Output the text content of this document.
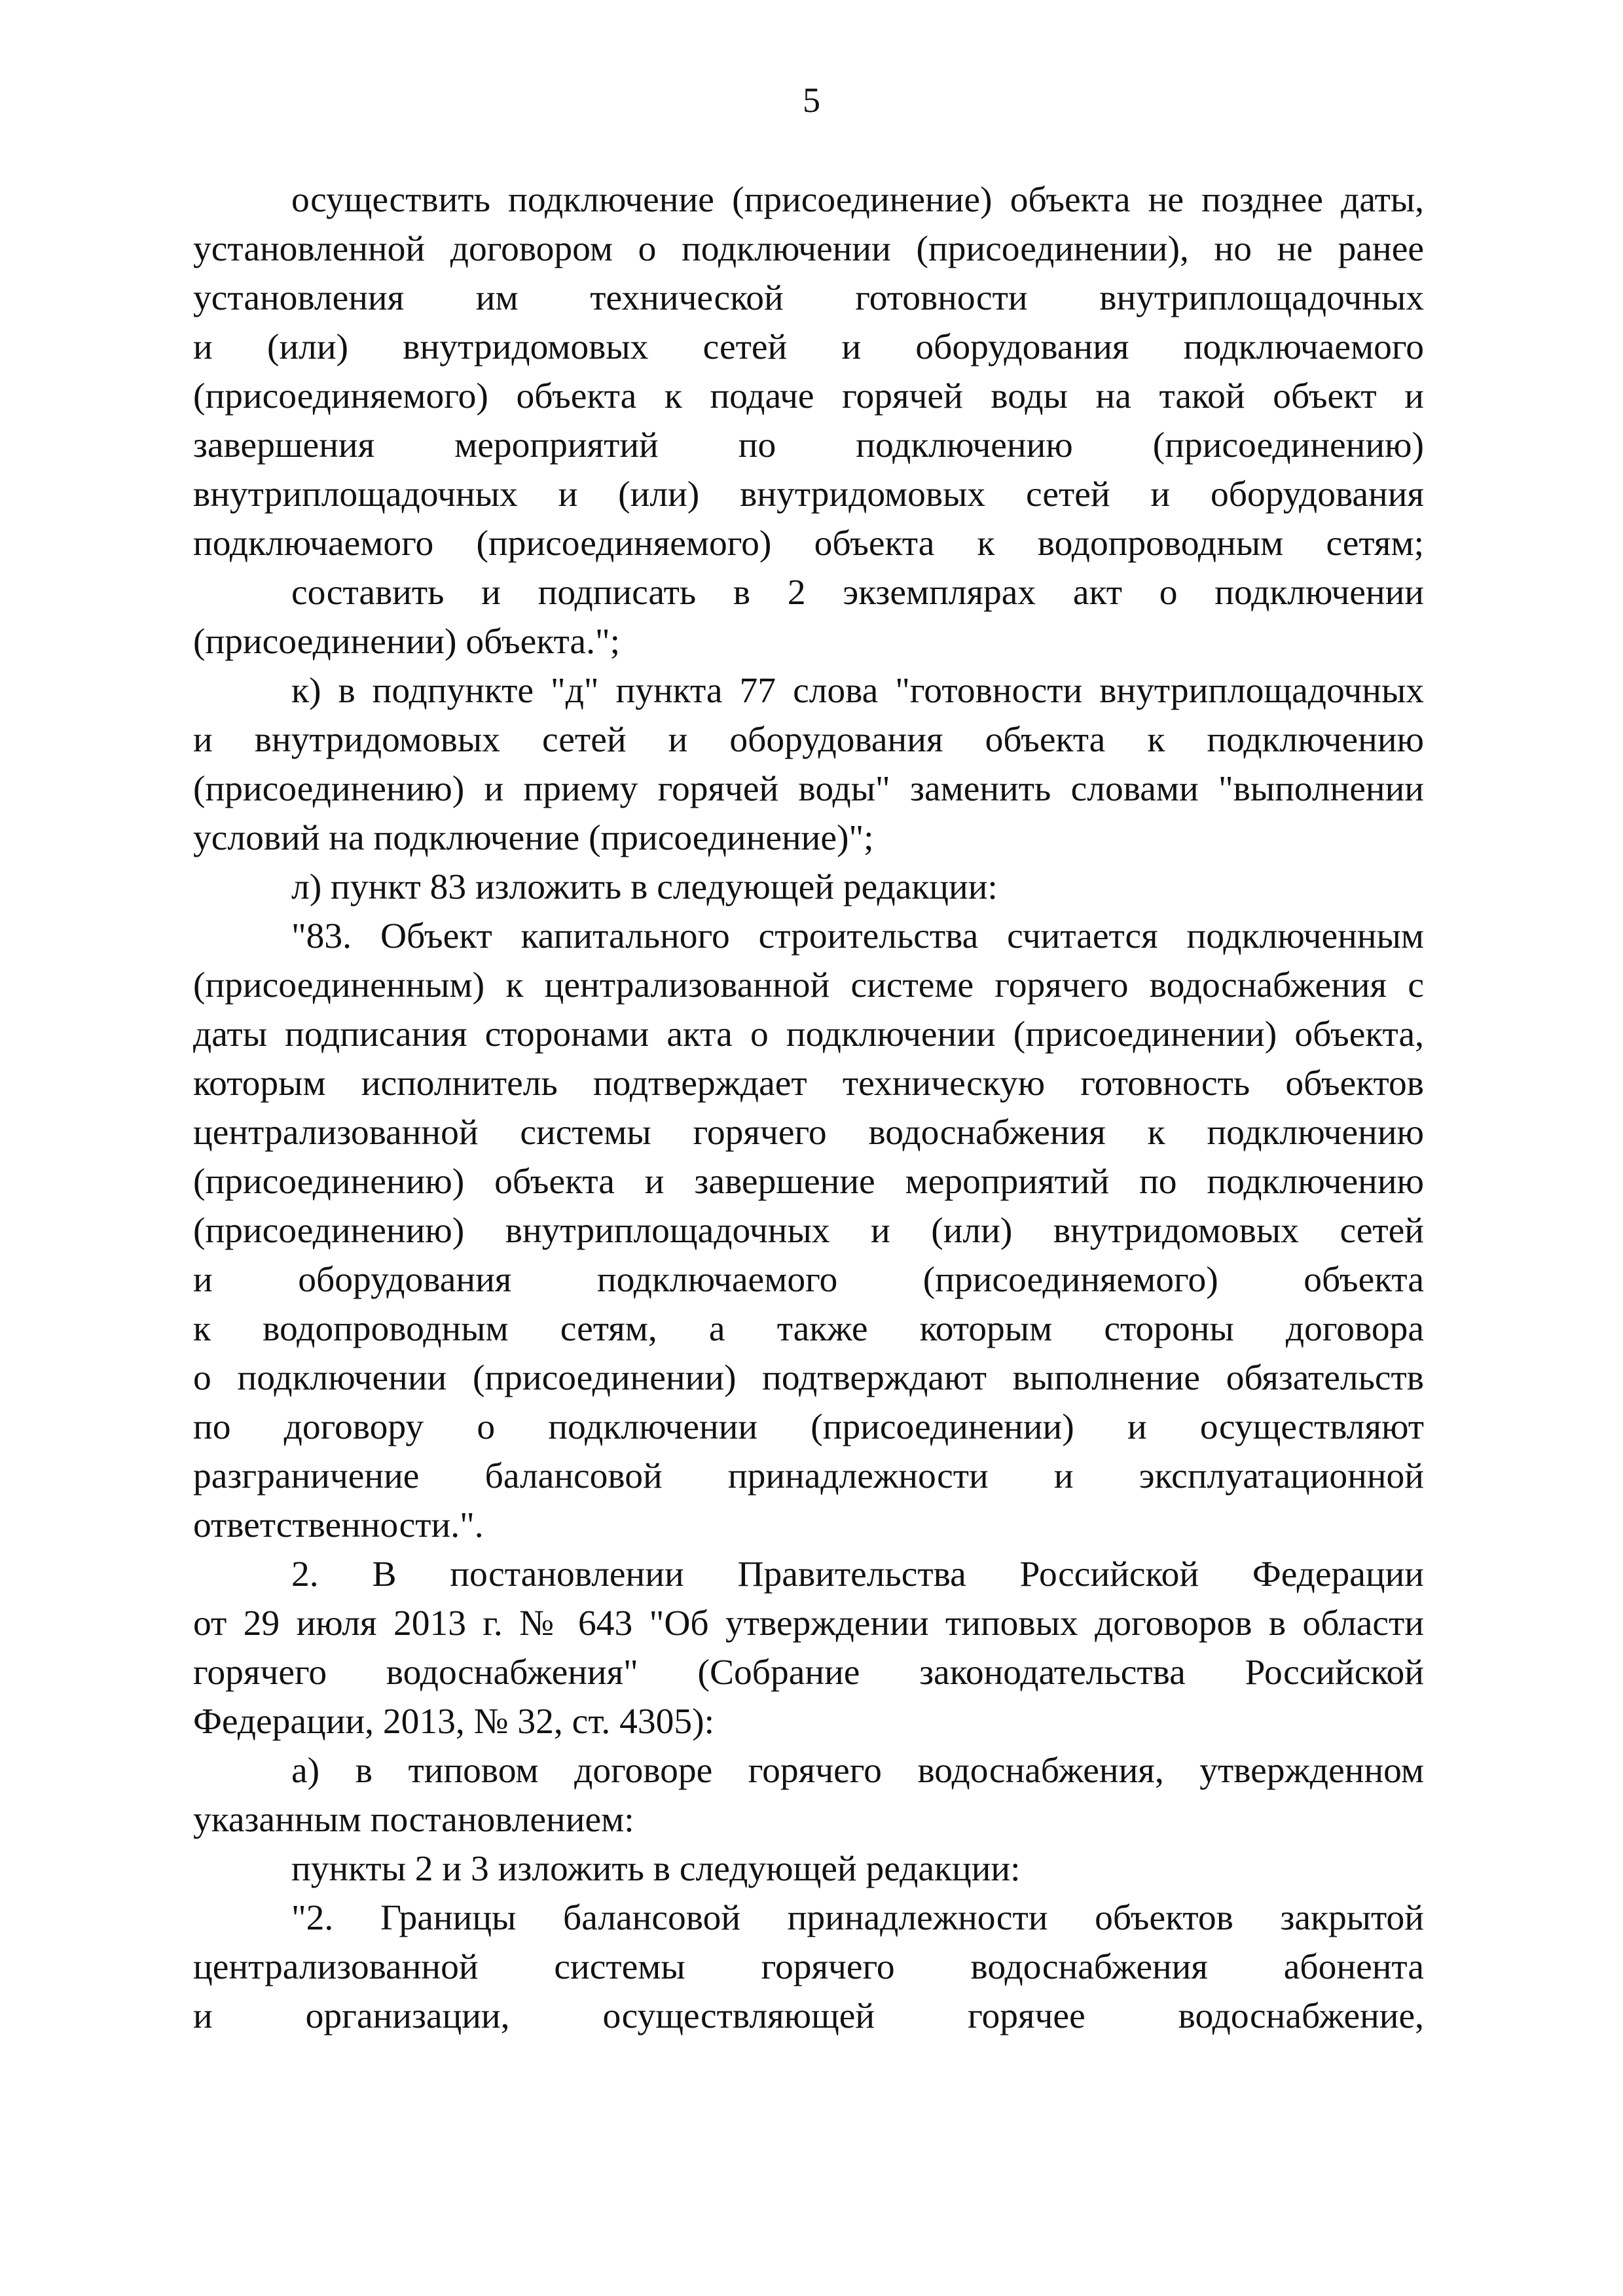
5
осуществить подключение (присоединение) объекта не позднее даты,
установленной договором о подключении (присоединении), но не ранее
установления им технической готовности внутриплощадочных
и (или) внутридомовых сетей и оборудования подключаемого
(присоединяемого) объекта к подаче горячей воды на такой объект и
завершения мероприятий по подключению (присоединению)
внутриплощадочных и (или) внутридомовых сетей и оборудования
подключаемого (присоединяемого) объекта к водопроводным сетям;
составить и подписать в 2 экземплярах акт о подключении
(присоединении) объекта.";
к) в подпункте "д" пункта 77 слова "готовности внутриплощадочных
и внутридомовых сетей и оборудования объекта к подключению
(присоединению) и приему горячей воды" заменить словами "выполнении
условий на подключение (присоединение)";
л) пункт 83 изложить в следующей редакции:
"83. Объект капитального строительства считается подключенным
(присоединенным) к централизованной системе горячего водоснабжения с
даты подписания сторонами акта о подключении (присоединении) объекта,
которым исполнитель подтверждает техническую готовность объектов
централизованной системы горячего водоснабжения к подключению
(присоединению) объекта и завершение мероприятий по подключению
(присоединению) внутриплощадочных и (или) внутридомовых сетей
и оборудования подключаемого (присоединяемого) объекта
к водопроводным сетям, а также которым стороны договора
о подключении (присоединении) подтверждают выполнение обязательств
по договору о подключении (присоединении) и осуществляют
разграничение балансовой принадлежности и эксплуатационной
ответственности.".
2. В постановлении Правительства Российской Федерации
от 29 июля 2013 г. № 643 "Об утверждении типовых договоров в области
горячего водоснабжения" (Собрание законодательства Российской
Федерации, 2013, № 32, ст. 4305):
а) в типовом договоре горячего водоснабжения, утвержденном
указанным постановлением:
пункты 2 и 3 изложить в следующей редакции:
"2. Границы балансовой принадлежности объектов закрытой
централизованной системы горячего водоснабжения абонента
и организации, осуществляющей горячее водоснабжение,
